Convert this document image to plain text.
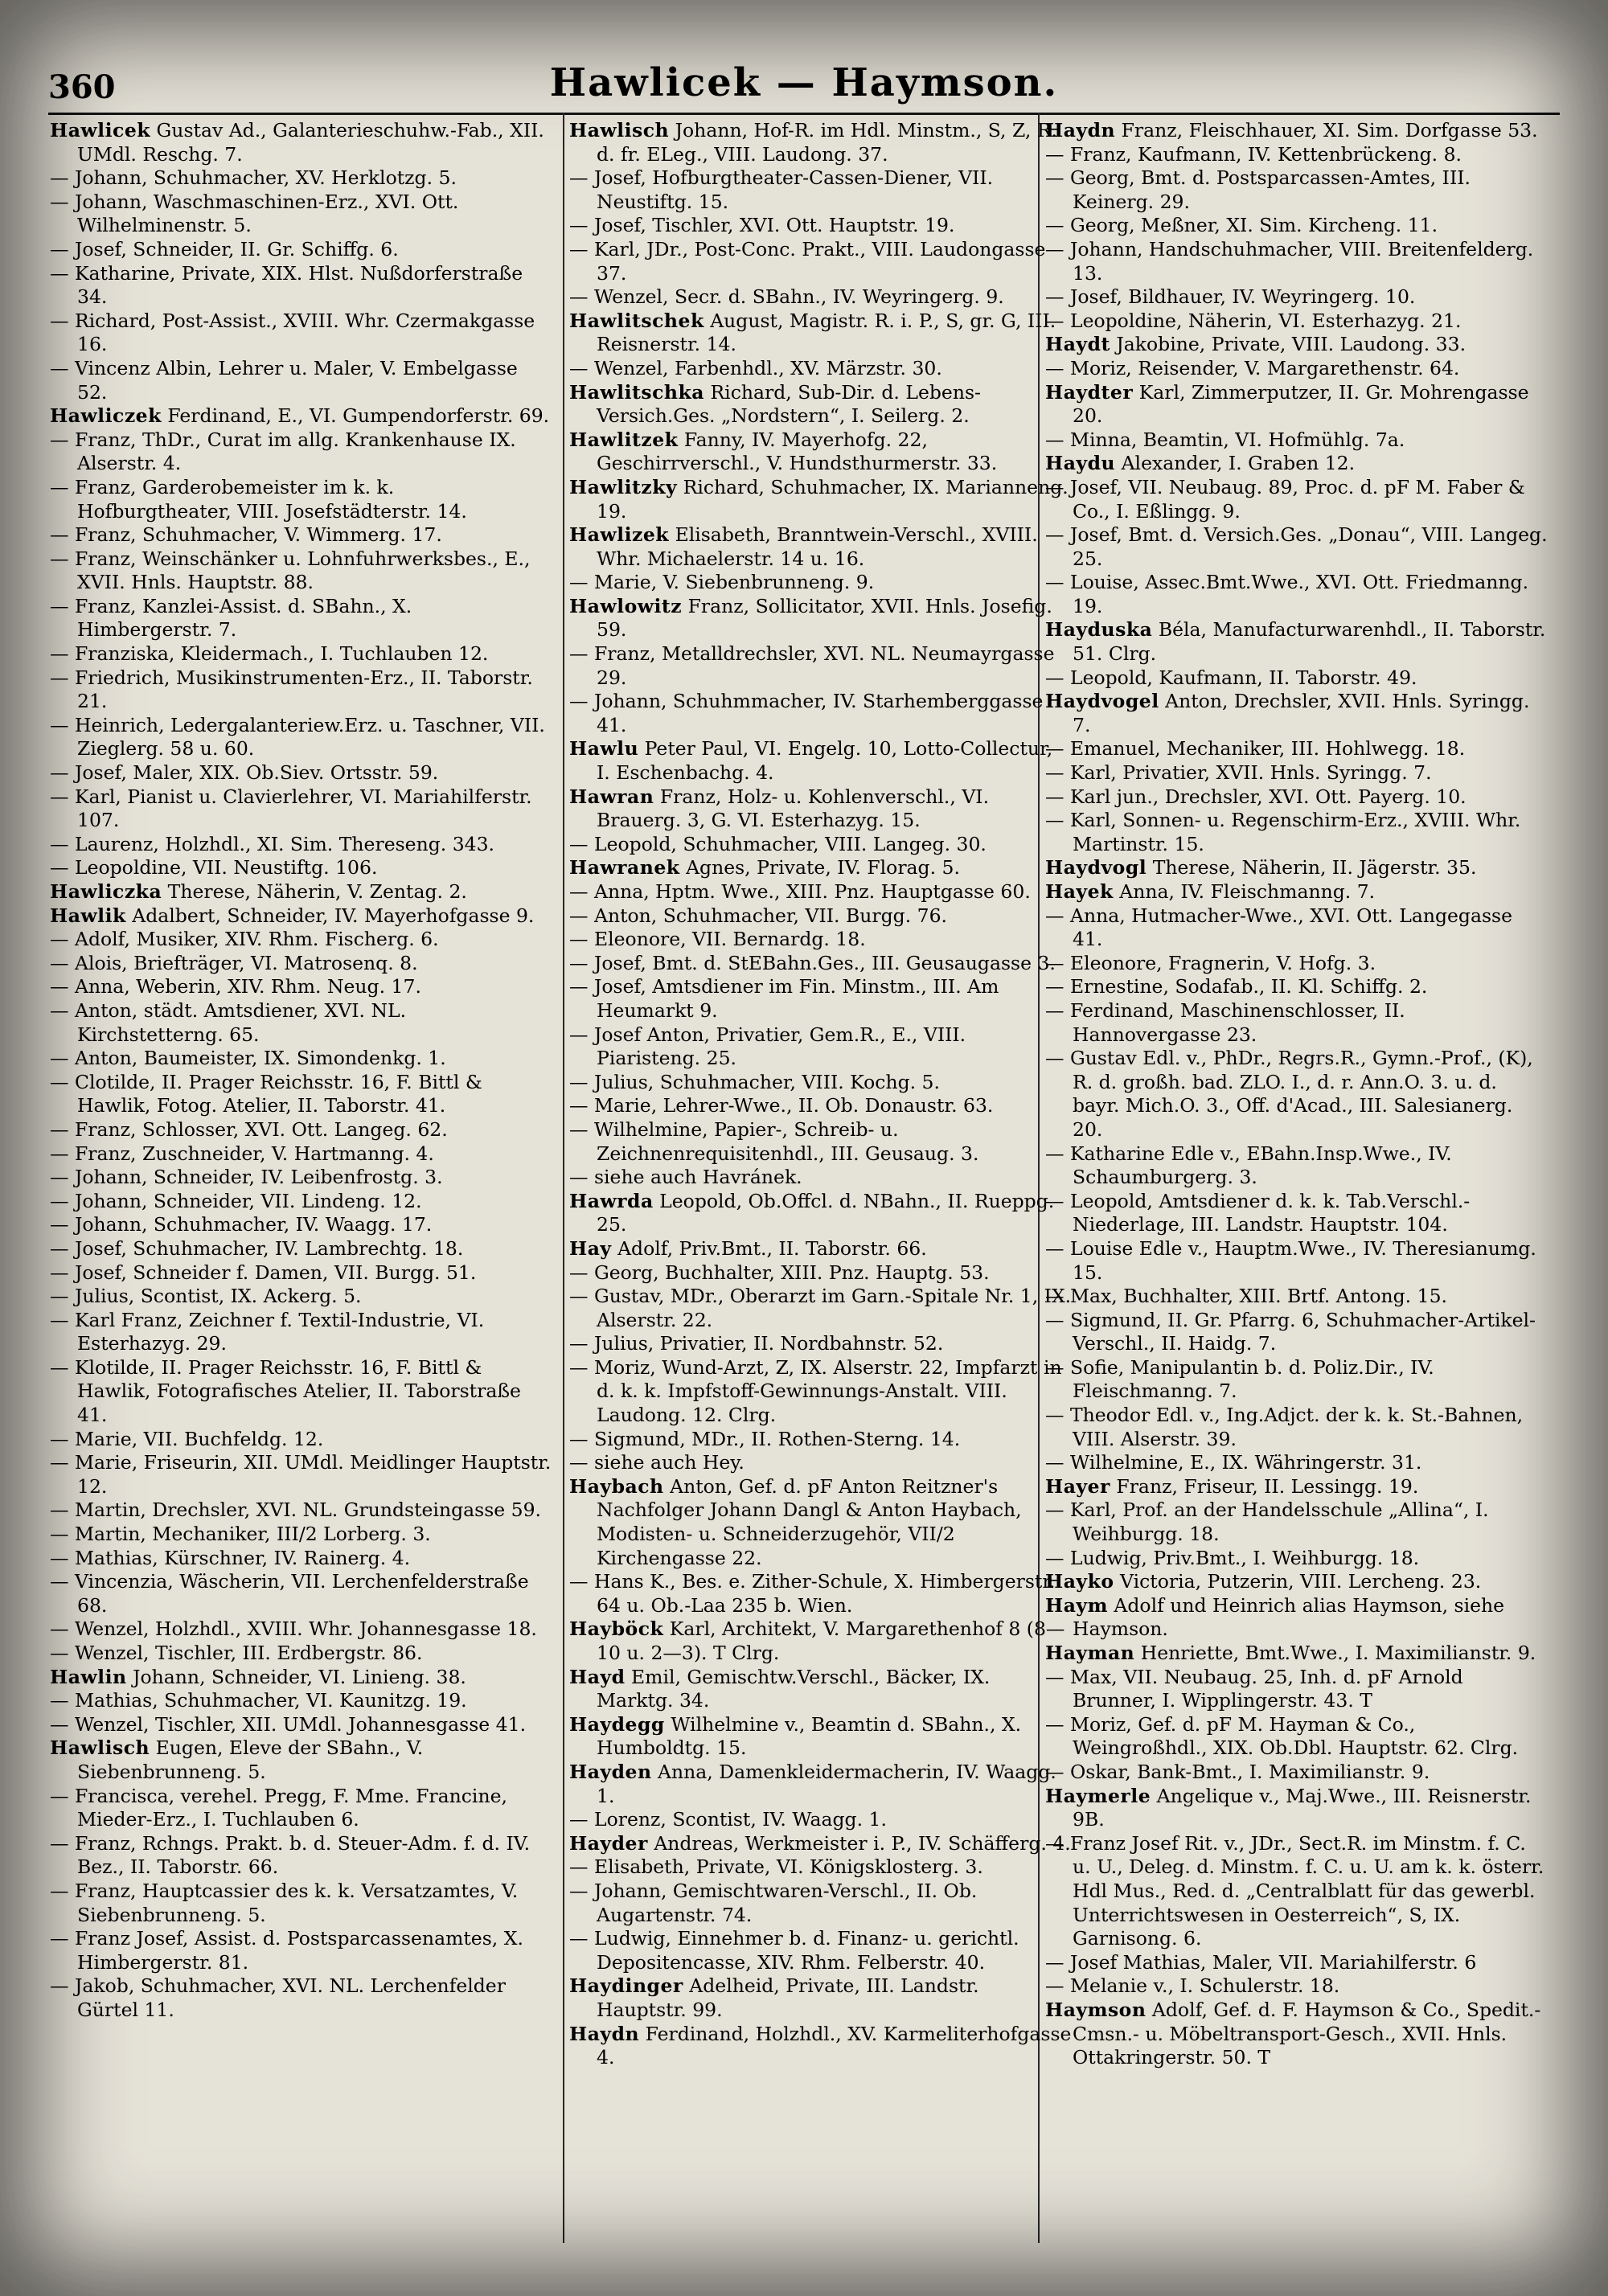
Hawlicek — Haymson.
360

Hawlicek Gustav Ad., Galanterieschuhw.-Fab., XII. UMdl. Reschg. 7.

— Johann, Schuhmacher, XV. Herklotzg. 5.

— Johann, Waschmaschinen-Erz., XVI. Ott. Wilhelminenstr. 5.

— Josef, Schneider, II. Gr. Schiffg. 6.

— Katharine, Private, XIX. Hlst. Nußdorferstraße 34.

— Richard, Post-Assist., XVIII. Whr. Czermakgasse 16.

— Vincenz Albin, Lehrer u. Maler, V. Embelgasse 52.

Hawliczek Ferdinand, E., VI. Gumpendorferstr. 69.

— Franz, ThDr., Curat im allg. Krankenhause IX. Alserstr. 4.

— Franz, Garderobemeister im k. k. Hofburgtheater, VIII. Josefstädterstr. 14.

— Franz, Schuhmacher, V. Wimmerg. 17.

— Franz, Weinschänker u. Lohnfuhrwerksbes., E., XVII. Hnls. Hauptstr. 88.

— Franz, Kanzlei-Assist. d. SBahn., X. Himbergerstr. 7.

— Franziska, Kleidermach., I. Tuchlauben 12.

— Friedrich, Musikinstrumenten-Erz., II. Taborstr. 21.

— Heinrich, Ledergalanteriew.Erz. u. Taschner, VII. Zieglerg. 58 u. 60.

— Josef, Maler, XIX. Ob.Siev. Ortsstr. 59.

— Karl, Pianist u. Clavierlehrer, VI. Mariahilferstr. 107.

— Laurenz, Holzhdl., XI. Sim. Thereseng. 343.

— Leopoldine, VII. Neustiftg. 106.

Hawliczka Therese, Näherin, V. Zentag. 2.

Hawlik Adalbert, Schneider, IV. Mayerhofgasse 9.

— Adolf, Musiker, XIV. Rhm. Fischerg. 6.

— Alois, Briefträger, VI. Matrosenq. 8.

— Anna, Weberin, XIV. Rhm. Neug. 17.

— Anton, städt. Amtsdiener, XVI. NL. Kirchstetterng. 65.

— Anton, Baumeister, IX. Simondenkg. 1.

— Clotilde, II. Prager Reichsstr. 16, F. Bittl & Hawlik, Fotog. Atelier, II. Taborstr. 41.

— Franz, Schlosser, XVI. Ott. Langeg. 62.

— Franz, Zuschneider, V. Hartmanng. 4.

— Johann, Schneider, IV. Leibenfrostg. 3.

— Johann, Schneider, VII. Lindeng. 12.

— Johann, Schuhmacher, IV. Waagg. 17.

— Josef, Schuhmacher, IV. Lambrechtg. 18.

— Josef, Schneider f. Damen, VII. Burgg. 51.

— Julius, Scontist, IX. Ackerg. 5.

— Karl Franz, Zeichner f. Textil-Industrie, VI. Esterhazyg. 29.

— Klotilde, II. Prager Reichsstr. 16, F. Bittl & Hawlik, Fotografisches Atelier, II. Taborstraße 41.

— Marie, VII. Buchfeldg. 12.

— Marie, Friseurin, XII. UMdl. Meidlinger Hauptstr. 12.

— Martin, Drechsler, XVI. NL. Grundsteingasse 59.

— Martin, Mechaniker, III/2 Lorberg. 3.

— Mathias, Kürschner, IV. Rainerg. 4.

— Vincenzia, Wäscherin, VII. Lerchenfelderstraße 68.

— Wenzel, Holzhdl., XVIII. Whr. Johannesgasse 18.

— Wenzel, Tischler, III. Erdbergstr. 86.

Hawlin Johann, Schneider, VI. Linieng. 38.

— Mathias, Schuhmacher, VI. Kaunitzg. 19.

— Wenzel, Tischler, XII. UMdl. Johannesgasse 41.

Hawlisch Eugen, Eleve der SBahn., V. Siebenbrunneng. 5.

— Francisca, verehel. Pregg, F. Mme. Francine, Mieder-Erz., I. Tuchlauben 6.

— Franz, Rchngs. Prakt. b. d. Steuer-Adm. f. d. IV. Bez., II. Taborstr. 66.

— Franz, Hauptcassier des k. k. Versatzamtes, V. Siebenbrunneng. 5.

— Franz Josef, Assist. d. Postsparcassenamtes, X. Himbergerstr. 81.

— Jakob, Schuhmacher, XVI. NL. Lerchenfelder Gürtel 11.

Hawlisch Johann, Hof-R. im Hdl. Minstm., S, Z, R. d. fr. ELeg., VIII. Laudong. 37.

— Josef, Hofburgtheater-Cassen-Diener, VII. Neustiftg. 15.

— Josef, Tischler, XVI. Ott. Hauptstr. 19.

— Karl, JDr., Post-Conc. Prakt., VIII. Laudongasse 37.

— Wenzel, Secr. d. SBahn., IV. Weyringerg. 9.

Hawlitschek August, Magistr. R. i. P., S, gr. G, III. Reisnerstr. 14.

— Wenzel, Farbenhdl., XV. Märzstr. 30.

Hawlitschka Richard, Sub-Dir. d. Lebens-Versich.Ges. „Nordstern“, I. Seilerg. 2.

Hawlitzek Fanny, IV. Mayerhofg. 22, Geschirrverschl., V. Hundsthurmerstr. 33.

Hawlitzky Richard, Schuhmacher, IX. Marianneng. 19.

Hawlizek Elisabeth, Branntwein-Verschl., XVIII. Whr. Michaelerstr. 14 u. 16.

— Marie, V. Siebenbrunneng. 9.

Hawlowitz Franz, Sollicitator, XVII. Hnls. Josefig. 59.

— Franz, Metalldrechsler, XVI. NL. Neumayrgasse 29.

— Johann, Schuhmmacher, IV. Starhemberggasse 41.

Hawlu Peter Paul, VI. Engelg. 10, Lotto-Collectur, I. Eschenbachg. 4.

Hawran Franz, Holz- u. Kohlenverschl., VI. Brauerg. 3, G. VI. Esterhazyg. 15.

— Leopold, Schuhmacher, VIII. Langeg. 30.

Hawranek Agnes, Private, IV. Florag. 5.

— Anna, Hptm. Wwe., XIII. Pnz. Hauptgasse 60.

— Anton, Schuhmacher, VII. Burgg. 76.

— Eleonore, VII. Bernardg. 18.

— Josef, Bmt. d. StEBahn.Ges., III. Geusaugasse 3.

— Josef, Amtsdiener im Fin. Minstm., III. Am Heumarkt 9.

— Josef Anton, Privatier, Gem.R., E., VIII. Piaristeng. 25.

— Julius, Schuhmacher, VIII. Kochg. 5.

— Marie, Lehrer-Wwe., II. Ob. Donaustr. 63.

— Wilhelmine, Papier-, Schreib- u. Zeichnenrequisitenhdl., III. Geusaug. 3.

— siehe auch Havránek.

Hawrda Leopold, Ob.Offcl. d. NBahn., II. Rueppg. 25.

Hay Adolf, Priv.Bmt., II. Taborstr. 66.

— Georg, Buchhalter, XIII. Pnz. Hauptg. 53.

— Gustav, MDr., Oberarzt im Garn.-Spitale Nr. 1, IX. Alserstr. 22.

— Julius, Privatier, II. Nordbahnstr. 52.

— Moriz, Wund-Arzt, Z, IX. Alserstr. 22, Impfarzt in d. k. k. Impfstoff-Gewinnungs-Anstalt. VIII. Laudong. 12. Clrg.

— Sigmund, MDr., II. Rothen-Sterng. 14.

— siehe auch Hey.

Haybach Anton, Gef. d. pF Anton Reitzner's Nachfolger Johann Dangl & Anton Haybach, Modisten- u. Schneiderzugehör, VII/2 Kirchengasse 22.

— Hans K., Bes. e. Zither-Schule, X. Himbergerstr. 64 u. Ob.-Laa 235 b. Wien.

Hayböck Karl, Architekt, V. Margarethenhof 8 (8—10 u. 2—3). T Clrg.

Hayd Emil, Gemischtw.Verschl., Bäcker, IX. Marktg. 34.

Haydegg Wilhelmine v., Beamtin d. SBahn., X. Humboldtg. 15.

Hayden Anna, Damenkleidermacherin, IV. Waagg. 1.

— Lorenz, Scontist, IV. Waagg. 1.

Hayder Andreas, Werkmeister i. P., IV. Schäfferg. 4.

— Elisabeth, Private, VI. Königsklosterg. 3.

— Johann, Gemischtwaren-Verschl., II. Ob. Augartenstr. 74.

— Ludwig, Einnehmer b. d. Finanz- u. gerichtl. Depositencasse, XIV. Rhm. Felberstr. 40.

Haydinger Adelheid, Private, III. Landstr. Hauptstr. 99.

Haydn Ferdinand, Holzhdl., XV. Karmeliterhofgasse 4.

Haydn Franz, Fleischhauer, XI. Sim. Dorfgasse 53.

— Franz, Kaufmann, IV. Kettenbrückeng. 8.

— Georg, Bmt. d. Postsparcassen-Amtes, III. Keinerg. 29.

— Georg, Meßner, XI. Sim. Kircheng. 11.

— Johann, Handschuhmacher, VIII. Breitenfelderg. 13.

— Josef, Bildhauer, IV. Weyringerg. 10.

— Leopoldine, Näherin, VI. Esterhazyg. 21.

Haydt Jakobine, Private, VIII. Laudong. 33.

— Moriz, Reisender, V. Margarethenstr. 64.

Haydter Karl, Zimmerputzer, II. Gr. Mohrengasse 20.

— Minna, Beamtin, VI. Hofmühlg. 7a.

Haydu Alexander, I. Graben 12.

— Josef, VII. Neubaug. 89, Proc. d. pF M. Faber & Co., I. Eßlingg. 9.

— Josef, Bmt. d. Versich.Ges. „Donau“, VIII. Langeg. 25.

— Louise, Assec.Bmt.Wwe., XVI. Ott. Friedmanng. 19.

Hayduska Béla, Manufacturwarenhdl., II. Taborstr. 51. Clrg.

— Leopold, Kaufmann, II. Taborstr. 49.

Haydvogel Anton, Drechsler, XVII. Hnls. Syringg. 7.

— Emanuel, Mechaniker, III. Hohlwegg. 18.

— Karl, Privatier, XVII. Hnls. Syringg. 7.

— Karl jun., Drechsler, XVI. Ott. Payerg. 10.

— Karl, Sonnen- u. Regenschirm-Erz., XVIII. Whr. Martinstr. 15.

Haydvogl Therese, Näherin, II. Jägerstr. 35.

Hayek Anna, IV. Fleischmanng. 7.

— Anna, Hutmacher-Wwe., XVI. Ott. Langegasse 41.

— Eleonore, Fragnerin, V. Hofg. 3.

— Ernestine, Sodafab., II. Kl. Schiffg. 2.

— Ferdinand, Maschinenschlosser, II. Hannovergasse 23.

— Gustav Edl. v., PhDr., Regrs.R., Gymn.-Prof., (K), R. d. großh. bad. ZLO. I., d. r. Ann.O. 3. u. d. bayr. Mich.O. 3., Off. d'Acad., III. Salesianerg. 20.

— Katharine Edle v., EBahn.Insp.Wwe., IV. Schaumburgerg. 3.

— Leopold, Amtsdiener d. k. k. Tab.Verschl.-Niederlage, III. Landstr. Hauptstr. 104.

— Louise Edle v., Hauptm.Wwe., IV. Theresianumg. 15.

— Max, Buchhalter, XIII. Brtf. Antong. 15.

— Sigmund, II. Gr. Pfarrg. 6, Schuhmacher-Artikel-Verschl., II. Haidg. 7.

— Sofie, Manipulantin b. d. Poliz.Dir., IV. Fleischmanng. 7.

— Theodor Edl. v., Ing.Adjct. der k. k. St.-Bahnen, VIII. Alserstr. 39.

— Wilhelmine, E., IX. Währingerstr. 31.

Hayer Franz, Friseur, II. Lessingg. 19.

— Karl, Prof. an der Handelsschule „Allina“, I. Weihburgg. 18.

— Ludwig, Priv.Bmt., I. Weihburgg. 18.

Hayko Victoria, Putzerin, VIII. Lercheng. 23.

Haym Adolf und Heinrich alias Haymson, siehe Haymson.

Hayman Henriette, Bmt.Wwe., I. Maximilianstr. 9.

— Max, VII. Neubaug. 25, Inh. d. pF Arnold Brunner, I. Wipplingerstr. 43. T

— Moriz, Gef. d. pF M. Hayman & Co., Weingroßhdl., XIX. Ob.Dbl. Hauptstr. 62. Clrg.

— Oskar, Bank-Bmt., I. Maximilianstr. 9.

Haymerle Angelique v., Maj.Wwe., III. Reisnerstr. 9B.

— Franz Josef Rit. v., JDr., Sect.R. im Minstm. f. C. u. U., Deleg. d. Minstm. f. C. u. U. am k. k. österr. Hdl Mus., Red. d. „Centralblatt für das gewerbl. Unterrichtswesen in Oesterreich“, S, IX. Garnisong. 6.

— Josef Mathias, Maler, VII. Mariahilferstr. 6

— Melanie v., I. Schulerstr. 18.

Haymson Adolf, Gef. d. F. Haymson & Co., Spedit.-Cmsn.- u. Möbeltransport-Gesch., XVII. Hnls. Ottakringerstr. 50. T
